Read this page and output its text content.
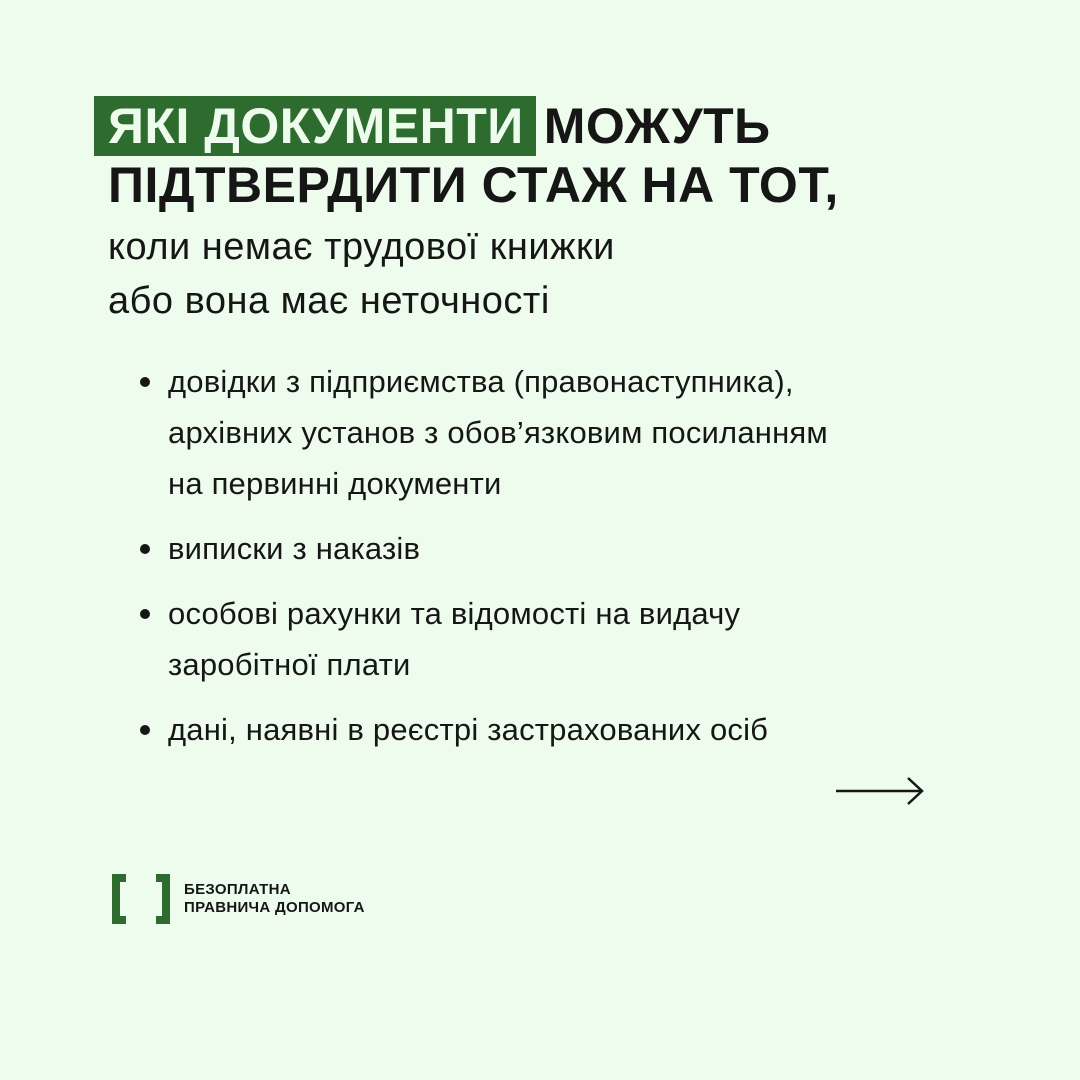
ЯКІ ДОКУМЕНТИ МОЖУТЬ
ПІДТВЕРДИТИ СТАЖ НА ТОТ,
коли немає трудової книжки
або вона має неточності
довідки з підприємства (правонаступника),
архівних установ з обов’язковим посиланням
на первинні документи
виписки з наказів
особові рахунки та відомості на видачу
заробітної плати
дані, наявні в реєстрі застрахованих осіб
БЕЗОПЛАТНА
ПРАВНИЧА ДОПОМОГА
